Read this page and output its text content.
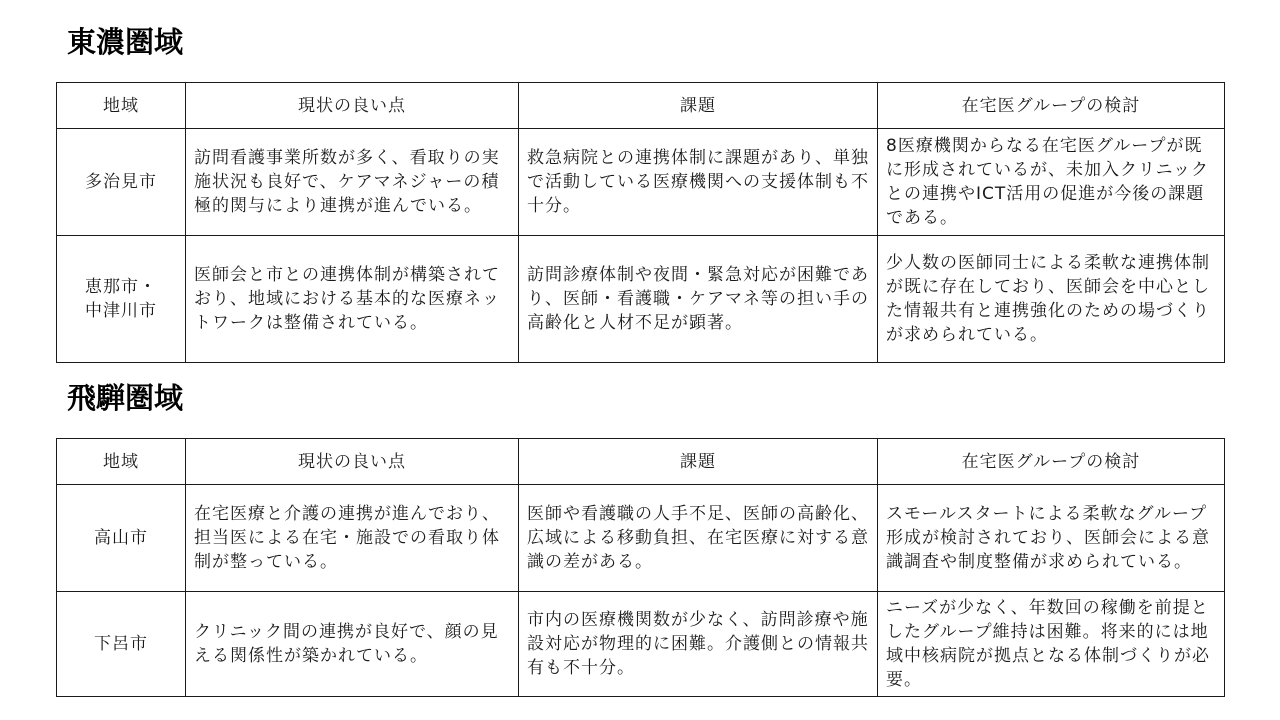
東濃圏域
地域	現状の良い点	課題	在宅医グループの検討

多治見市	訪問看護事業所数が多く、看取りの実施状況も良好で、ケアマネジャーの積極的関与により連携が進んでいる。	救急病院との連携体制に課題があり、単独で活動している医療機関への支援体制も不十分。	8医療機関からなる在宅医グループが既に形成されているが、未加入クリニックとの連携やICT活用の促進が今後の課題である。

恵那市・
中津川市	医師会と市との連携体制が構築されており、地域における基本的な医療ネットワークは整備されている。	訪問診療体制や夜間・緊急対応が困難であり、医師・看護職・ケアマネ等の担い手の高齢化と人材不足が顕著。	少人数の医師同士による柔軟な連携体制が既に存在しており、医師会を中心とした情報共有と連携強化のための場づくりが求められている。
飛騨圏域
地域	現状の良い点	課題	在宅医グループの検討

高山市	在宅医療と介護の連携が進んでおり、担当医による在宅・施設での看取り体制が整っている。	医師や看護職の人手不足、医師の高齢化、広域による移動負担、在宅医療に対する意識の差がある。	スモールスタートによる柔軟なグループ形成が検討されており、医師会による意識調査や制度整備が求められている。

下呂市	クリニック間の連携が良好で、顔の見える関係性が築かれている。	市内の医療機関数が少なく、訪問診療や施設対応が物理的に困難。介護側との情報共有も不十分。	ニーズが少なく、年数回の稼働を前提としたグループ維持は困難。将来的には地域中核病院が拠点となる体制づくりが必要。
